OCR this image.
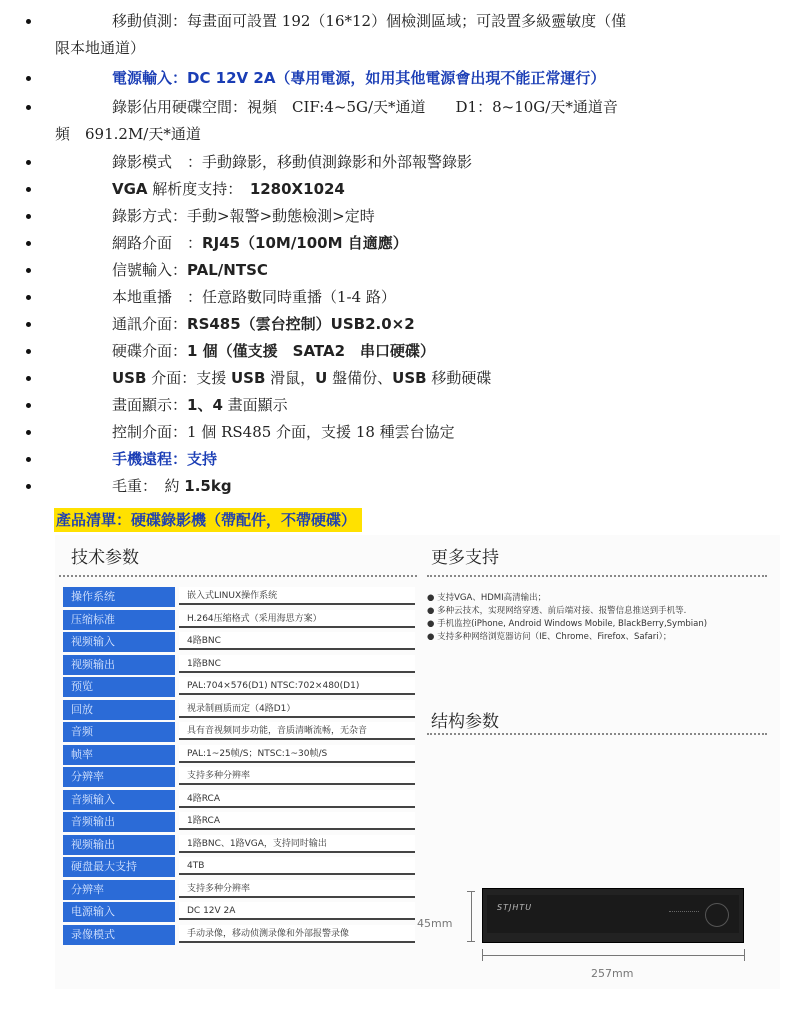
移動偵測：每畫面可設置 192（16*12）個檢測區域；可設置多級靈敏度（僅
限本地通道）
電源輸入：DC 12V 2A（專用電源，如用其他電源會出現不能正常運行）
錄影佔用硬碟空間：視頻　CIF:4~5G/天*通道　　D1：8~10G/天*通道音
頻　691.2M/天*通道
錄影模式　：手動錄影，移動偵測錄影和外部報警錄影
VGA 解析度支持：　1280X1024
錄影方式：手動>報警>動態檢測>定時
網路介面　：RJ45（10M/100M 自適應）
信號輸入：PAL/NTSC
本地重播　：任意路數同時重播（1-4 路）
通訊介面：RS485（雲台控制）USB2.0×2
硬碟介面：1 個（僅支援　SATA2　串口硬碟）
USB 介面：支援 USB 滑鼠，U 盤備份、USB 移動硬碟
畫面顯示：1、4 畫面顯示
控制介面：1 個 RS485 介面，支援 18 種雲台協定
手機遠程：支持
毛重：　約 1.5kg
產品清單：硬碟錄影機（帶配件，不帶硬碟）
技术参数	更多支持
操作系统	嵌入式LINUX操作系统
压缩标准	H.264压缩格式（采用海思方案）
视频输入	4路BNC
视频输出	1路BNC
预览	PAL:704×576(D1) NTSC:702×480(D1)
回放	视录制画质而定（4路D1）
音频	具有音视频同步功能，音质清晰流畅，无杂音
帧率	PAL:1~25帧/S；NTSC:1~30帧/S
分辨率	支持多种分辨率
音频输入	4路RCA
音频输出	1路RCA
视频输出	1路BNC、1路VGA，支持同时输出
硬盘最大支持	4TB
分辨率	支持多种分辨率
电源输入	DC 12V 2A
录像模式	手动录像，移动侦测录像和外部报警录像
● 支持VGA、HDMI高清输出；
● 多种云技术，实现网络穿透、前后端对接、报警信息推送到手机等.
● 手机监控(iPhone, Android Windows Mobile, BlackBerry,Symbian)
● 支持多种网络浏览器访问（IE、Chrome、Firefox、Safari）；
结构参数
45mm
STJHTU
257mm
